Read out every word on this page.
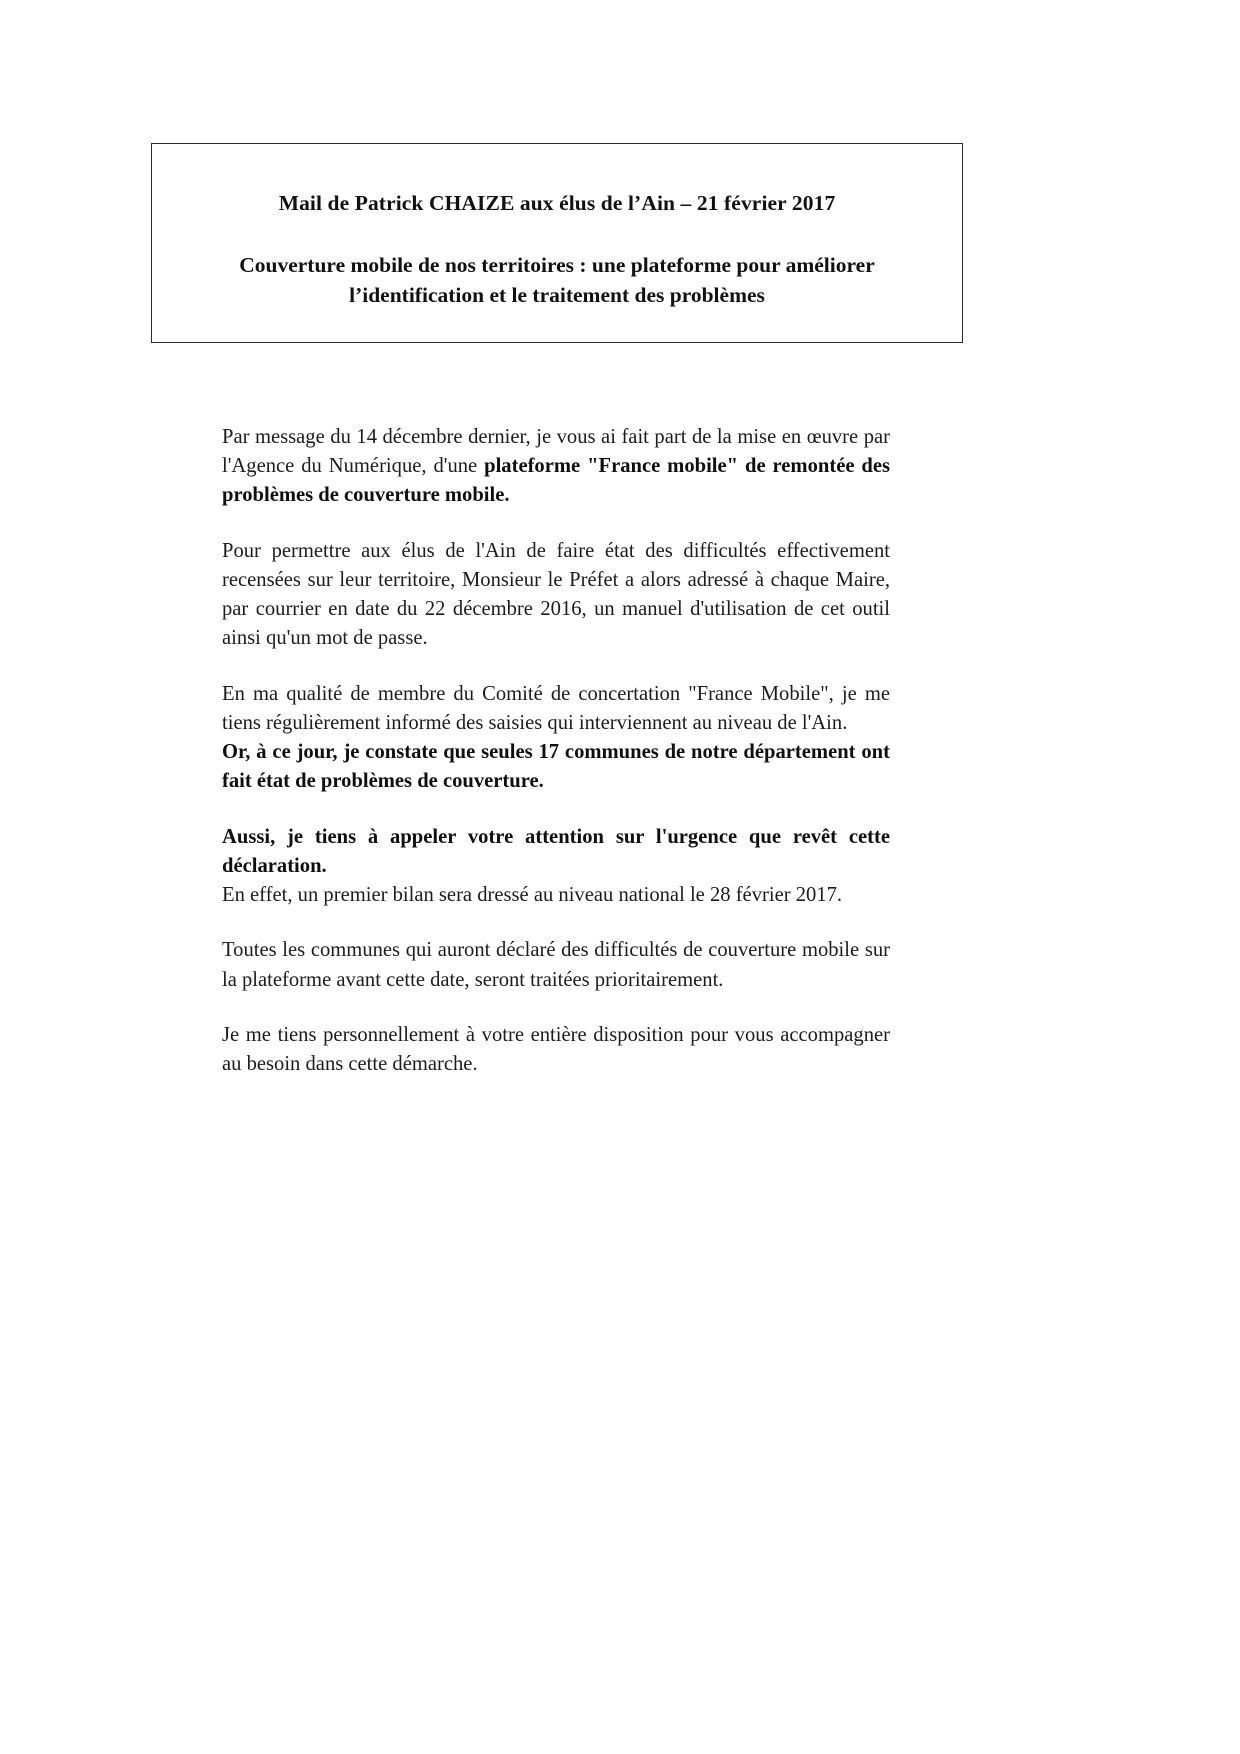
Mail de Patrick CHAIZE aux élus de l’Ain – 21 février 2017
Couverture mobile de nos territoires : une plateforme pour améliorer l’identification et le traitement des problèmes

Par message du 14 décembre dernier, je vous ai fait part de la mise en œuvre par l'Agence du Numérique, d'une plateforme "France mobile" de remontée des problèmes de couverture mobile.

Pour permettre aux élus de l'Ain de faire état des difficultés effectivement recensées sur leur territoire, Monsieur le Préfet a alors adressé à chaque Maire, par courrier en date du 22 décembre 2016, un manuel d'utilisation de cet outil ainsi qu'un mot de passe.

En ma qualité de membre du Comité de concertation "France Mobile", je me tiens régulièrement informé des saisies qui interviennent au niveau de l'Ain.

Or, à ce jour, je constate que seules 17 communes de notre département ont fait état de problèmes de couverture.

Aussi, je tiens à appeler votre attention sur l'urgence que revêt cette déclaration.

En effet, un premier bilan sera dressé au niveau national le 28 février 2017.

Toutes les communes qui auront déclaré des difficultés de couverture mobile sur la plateforme avant cette date, seront traitées prioritairement.

Je me tiens personnellement à votre entière disposition pour vous accompagner au besoin dans cette démarche.
